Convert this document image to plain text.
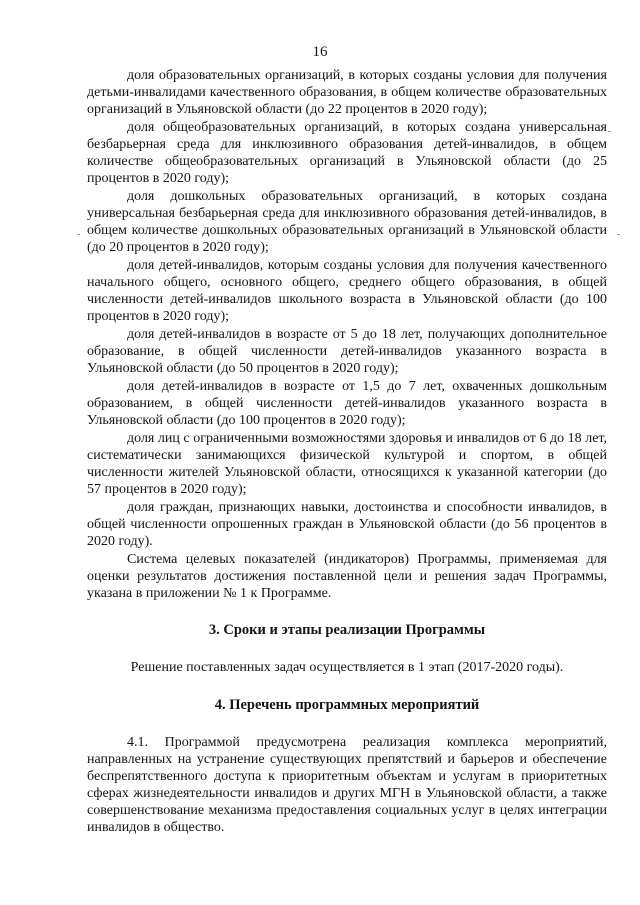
16

доля образовательных организаций, в которых созданы условия для получения детьми-инвалидами качественного образования, в общем количестве образовательных организаций в Ульяновской области (до 22 процентов в 2020 году);

доля общеобразовательных организаций, в которых создана универсальная безбарьерная среда для инклюзивного образования детей-инвалидов, в общем количестве общеобразовательных организаций в Ульяновской области (до 25 процентов в 2020 году);

доля дошкольных образовательных организаций, в которых создана универсальная безбарьерная среда для инклюзивного образования детей-инвалидов, в общем количестве дошкольных образовательных организаций в Ульяновской области (до 20 процентов в 2020 году);

доля детей-инвалидов, которым созданы условия для получения качественного начального общего, основного общего, среднего общего образования, в общей численности детей-инвалидов школьного возраста в Ульяновской области (до 100 процентов в 2020 году);

доля детей-инвалидов в возрасте от 5 до 18 лет, получающих дополнительное образование, в общей численности детей-инвалидов указанного возраста в Ульяновской области (до 50 процентов в 2020 году);

доля детей-инвалидов в возрасте от 1,5 до 7 лет, охваченных дошкольным образованием, в общей численности детей-инвалидов указанного возраста в Ульяновской области (до 100 процентов в 2020 году);

доля лиц с ограниченными возможностями здоровья и инвалидов от 6 до 18 лет, систематически занимающихся физической культурой и спортом, в общей численности жителей Ульяновской области, относящихся к указанной категории (до 57 процентов в 2020 году);

доля граждан, признающих навыки, достоинства и способности инвалидов, в общей численности опрошенных граждан в Ульяновской области (до 56 процентов в 2020 году).

Система целевых показателей (индикаторов) Программы, применяемая для оценки результатов достижения поставленной цели и решения задач Программы, указана в приложении № 1 к Программе.

3. Сроки и этапы реализации Программы

Решение поставленных задач осуществляется в 1 этап (2017-2020 годы).

4. Перечень программных мероприятий

4.1. Программой предусмотрена реализация комплекса мероприятий, направленных на устранение существующих препятствий и барьеров и обеспечение беспрепятственного доступа к приоритетным объектам и услугам в приоритетных сферах жизнедеятельности инвалидов и других МГН в Ульяновской области, а также совершенствование механизма предоставления социальных услуг в целях интеграции инвалидов в общество.
